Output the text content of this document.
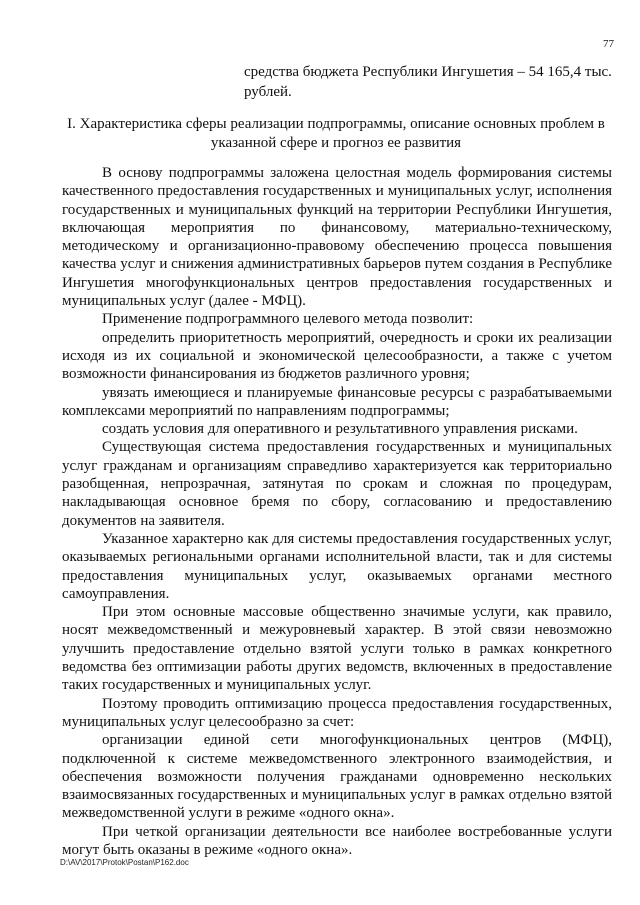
77
средства бюджета Республики Ингушетия – 54 165,4 тыс. рублей.
I. Характеристика сферы реализации подпрограммы, описание основных проблем в указанной сфере и прогноз ее развития

В основу подпрограммы заложена целостная модель формирования системы качественного предоставления государственных и муниципальных услуг, исполнения государственных и муниципальных функций на территории Республики Ингушетия, включающая мероприятия по финансовому, материально-техническому, методическому и организационно-правовому обеспечению процесса повышения качества услуг и снижения административных барьеров путем создания в Республике Ингушетия многофункциональных центров предоставления государственных и муниципальных услуг (далее - МФЦ).

Применение подпрограммного целевого метода позволит:

определить приоритетность мероприятий, очередность и сроки их реализации исходя из их социальной и экономической целесообразности, а также с учетом возможности финансирования из бюджетов различного уровня;

увязать имеющиеся и планируемые финансовые ресурсы с разрабатываемыми комплексами мероприятий по направлениям подпрограммы;

создать условия для оперативного и результативного управления рисками.

Существующая система предоставления государственных и муниципальных услуг гражданам и организациям справедливо характеризуется как территориально разобщенная, непрозрачная, затянутая по срокам и сложная по процедурам, накладывающая основное бремя по сбору, согласованию и предоставлению документов на заявителя.

Указанное характерно как для системы предоставления государственных услуг, оказываемых региональными органами исполнительной власти, так и для системы предоставления муниципальных услуг, оказываемых органами местного самоуправления.

При этом основные массовые общественно значимые услуги, как правило, носят межведомственный и межуровневый характер. В этой связи невозможно улучшить предоставление отдельно взятой услуги только в рамках конкретного ведомства без оптимизации работы других ведомств, включенных в предоставление таких государственных и муниципальных услуг.

Поэтому проводить оптимизацию процесса предоставления государственных, муниципальных услуг целесообразно за счет:

организации единой сети многофункциональных центров (МФЦ), подключенной к системе межведомственного электронного взаимодействия, и обеспечения возможности получения гражданами одновременно нескольких взаимосвязанных государственных и муниципальных услуг в рамках отдельно взятой межведомственной услуги в режиме «одного окна».

При четкой организации деятельности все наиболее востребованные услуги могут быть оказаны в режиме «одного окна».

D:\AV\2017\Protok\Postan\P162.doc
